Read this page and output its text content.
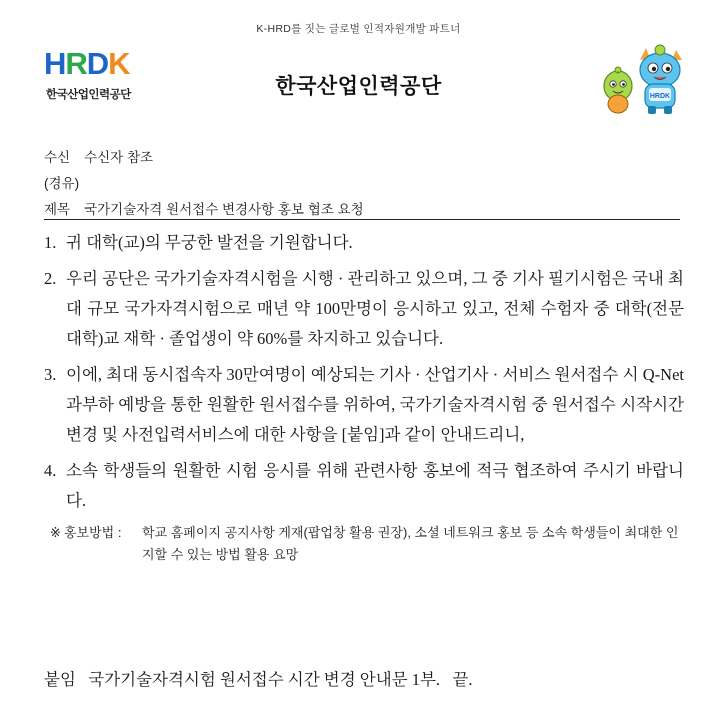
K-HRD를 짓는 글로벌 인적자원개발 파트너
HRDK
한국산업인력공단	한국산업인력공단	HRDK
수신 수신자 참조
(경유)
제목 국가기술자격 원서접수 변경사항 홍보 협조 요청
1. 귀 대학(교)의 무궁한 발전을 기원합니다.
2. 우리 공단은 국가기술자격시험을 시행 · 관리하고 있으며, 그 중 기사 필기시험은 국내 최대 규모 국가자격시험으로 매년 약 100만명이 응시하고 있고, 전체 수험자 중 대학(전문대학)교 재학 · 졸업생이 약 60%를 차지하고 있습니다.
3. 이에, 최대 동시접속자 30만여명이 예상되는 기사 · 산업기사 · 서비스 원서접수 시 Q-Net 과부하 예방을 통한 원활한 원서접수를 위하여, 국가기술자격시험 중 원서접수 시작시간 변경 및 사전입력서비스에 대한 사항을 [붙임]과 같이 안내드리니,
4. 소속 학생들의 원활한 시험 응시를 위해 관련사항 홍보에 적극 협조하여 주시기 바랍니다.
※ 홍보방법 : 학교 홈페이지 공지사항 게재(팝업창 활용 권장), 소셜 네트워크 홍보 등 소속 학생들이 최대한 인지할 수 있는 방법 활용 요망
붙임 국가기술자격시험 원서접수 시간 변경 안내문 1부. 끝.
